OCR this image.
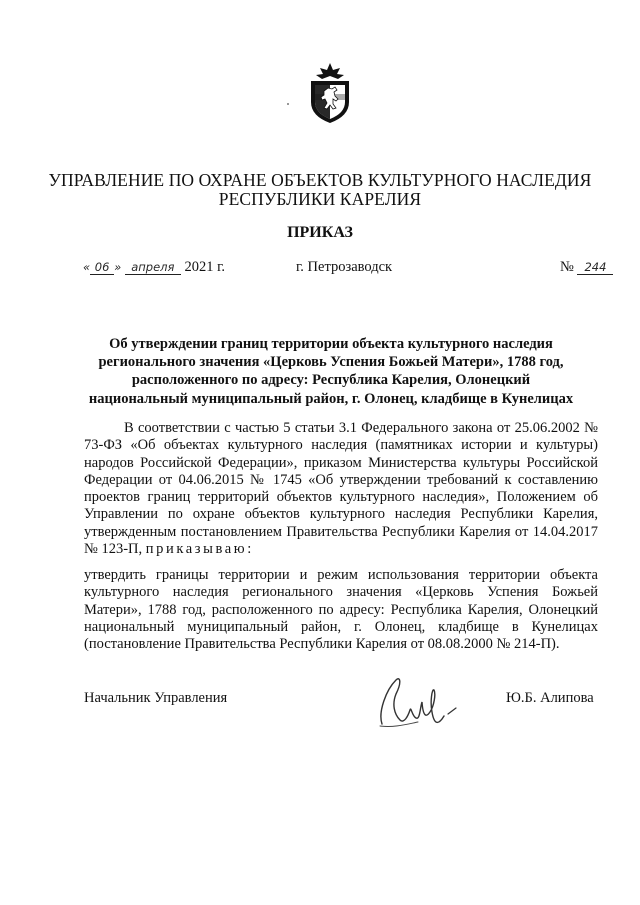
УПРАВЛЕНИЕ ПО ОХРАНЕ ОБЪЕКТОВ КУЛЬТУРНОГО НАСЛЕДИЯ
РЕСПУБЛИКИ КАРЕЛИЯ
ПРИКАЗ
« 06 » апреля 2021 г.	г. Петрозаводск	№ 244
Об утверждении границ территории объекта культурного наследия регионального значения «Церковь Успения Божьей Матери», 1788 год, расположенного по адресу: Республика Карелия, Олонецкий национальный муниципальный район, г. Олонец, кладбище в Кунелицах
В соответствии с частью 5 статьи 3.1 Федерального закона от 25.06.2002 № 73-ФЗ «Об объектах культурного наследия (памятниках истории и культуры) народов Российской Федерации», приказом Министерства культуры Российской Федерации от 04.06.2015 № 1745 «Об утверждении требований к составлению проектов границ территорий объектов культурного наследия», Положением об Управлении по охране объектов культурного наследия Республики Карелия, утвержденным постановлением Правительства Республики Карелия от 14.04.2017 № 123-П, приказываю:
утвердить границы территории и режим использования территории объекта культурного наследия регионального значения «Церковь Успения Божьей Матери», 1788 год, расположенного по адресу: Республика Карелия, Олонецкий национальный муниципальный район, г. Олонец, кладбище в Кунелицах (постановление Правительства Республики Карелия от 08.08.2000 № 214-П).
Начальник Управления	Ю.Б. Алипова
